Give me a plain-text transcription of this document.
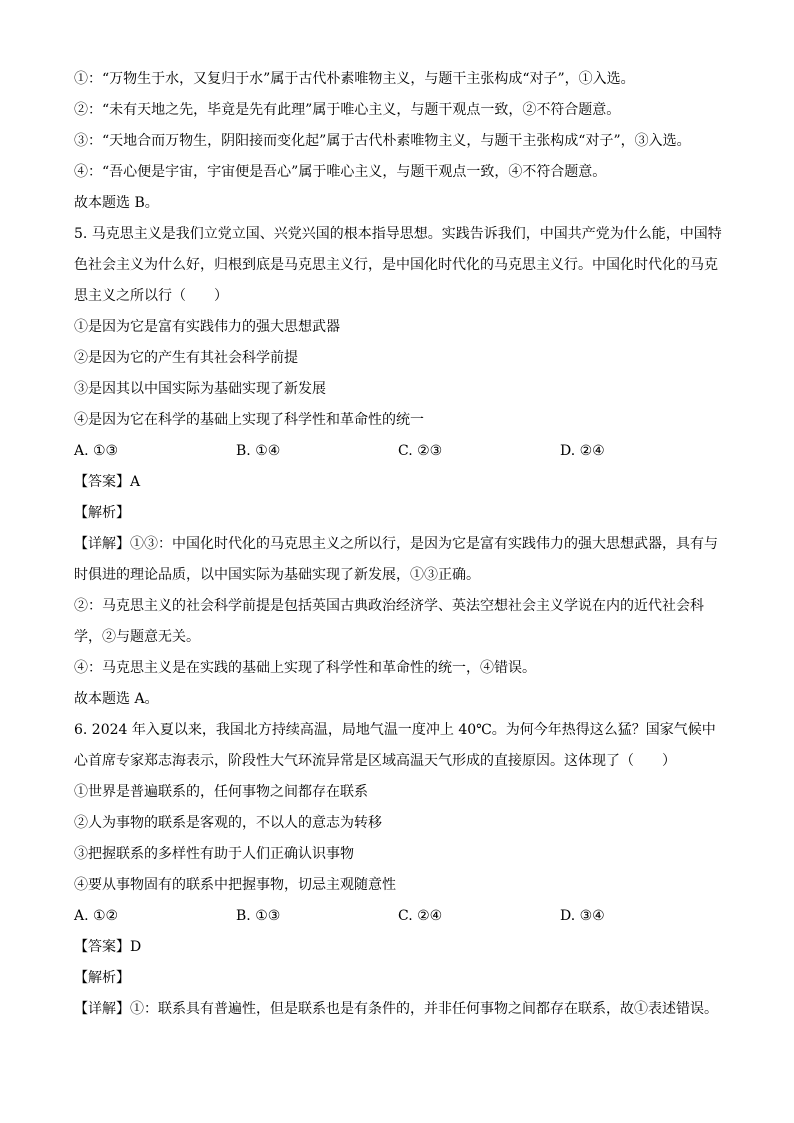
①：“万物生于水，又复归于水”属于古代朴素唯物主义，与题干主张构成“对子”，①入选。
②：“未有天地之先，毕竟是先有此理”属于唯心主义，与题干观点一致，②不符合题意。
③：“天地合而万物生，阴阳接而变化起”属于古代朴素唯物主义，与题干主张构成“对子”，③入选。
④：“吾心便是宇宙，宇宙便是吾心”属于唯心主义，与题干观点一致，④不符合题意。
故本题选 B。
5. 马克思主义是我们立党立国、兴党兴国的根本指导思想。实践告诉我们，中国共产党为什么能，中国特色社会主义为什么好，归根到底是马克思主义行，是中国化时代化的马克思主义行。中国化时代化的马克思主义之所以行（　　）
①是因为它是富有实践伟力的强大思想武器
②是因为它的产生有其社会科学前提
③是因其以中国实际为基础实现了新发展
④是因为它在科学的基础上实现了科学性和革命性的统一
A. ①③	B. ①④	C. ②③	D. ②④
【答案】A
【解析】
【详解】①③：中国化时代化的马克思主义之所以行，是因为它是富有实践伟力的强大思想武器，具有与时俱进的理论品质，以中国实际为基础实现了新发展，①③正确。
②：马克思主义的社会科学前提是包括英国古典政治经济学、英法空想社会主义学说在内的近代社会科学，②与题意无关。
④：马克思主义是在实践的基础上实现了科学性和革命性的统一，④错误。
故本题选 A。
6. 2024 年入夏以来，我国北方持续高温，局地气温一度冲上 40℃。为何今年热得这么猛？国家气候中心首席专家郑志海表示，阶段性大气环流异常是区域高温天气形成的直接原因。这体现了（　　）
①世界是普遍联系的，任何事物之间都存在联系
②人为事物的联系是客观的，不以人的意志为转移
③把握联系的多样性有助于人们正确认识事物
④要从事物固有的联系中把握事物，切忌主观随意性
A. ①②	B. ①③	C. ②④	D. ③④
【答案】D
【解析】
【详解】①：联系具有普遍性，但是联系也是有条件的，并非任何事物之间都存在联系，故①表述错误。
